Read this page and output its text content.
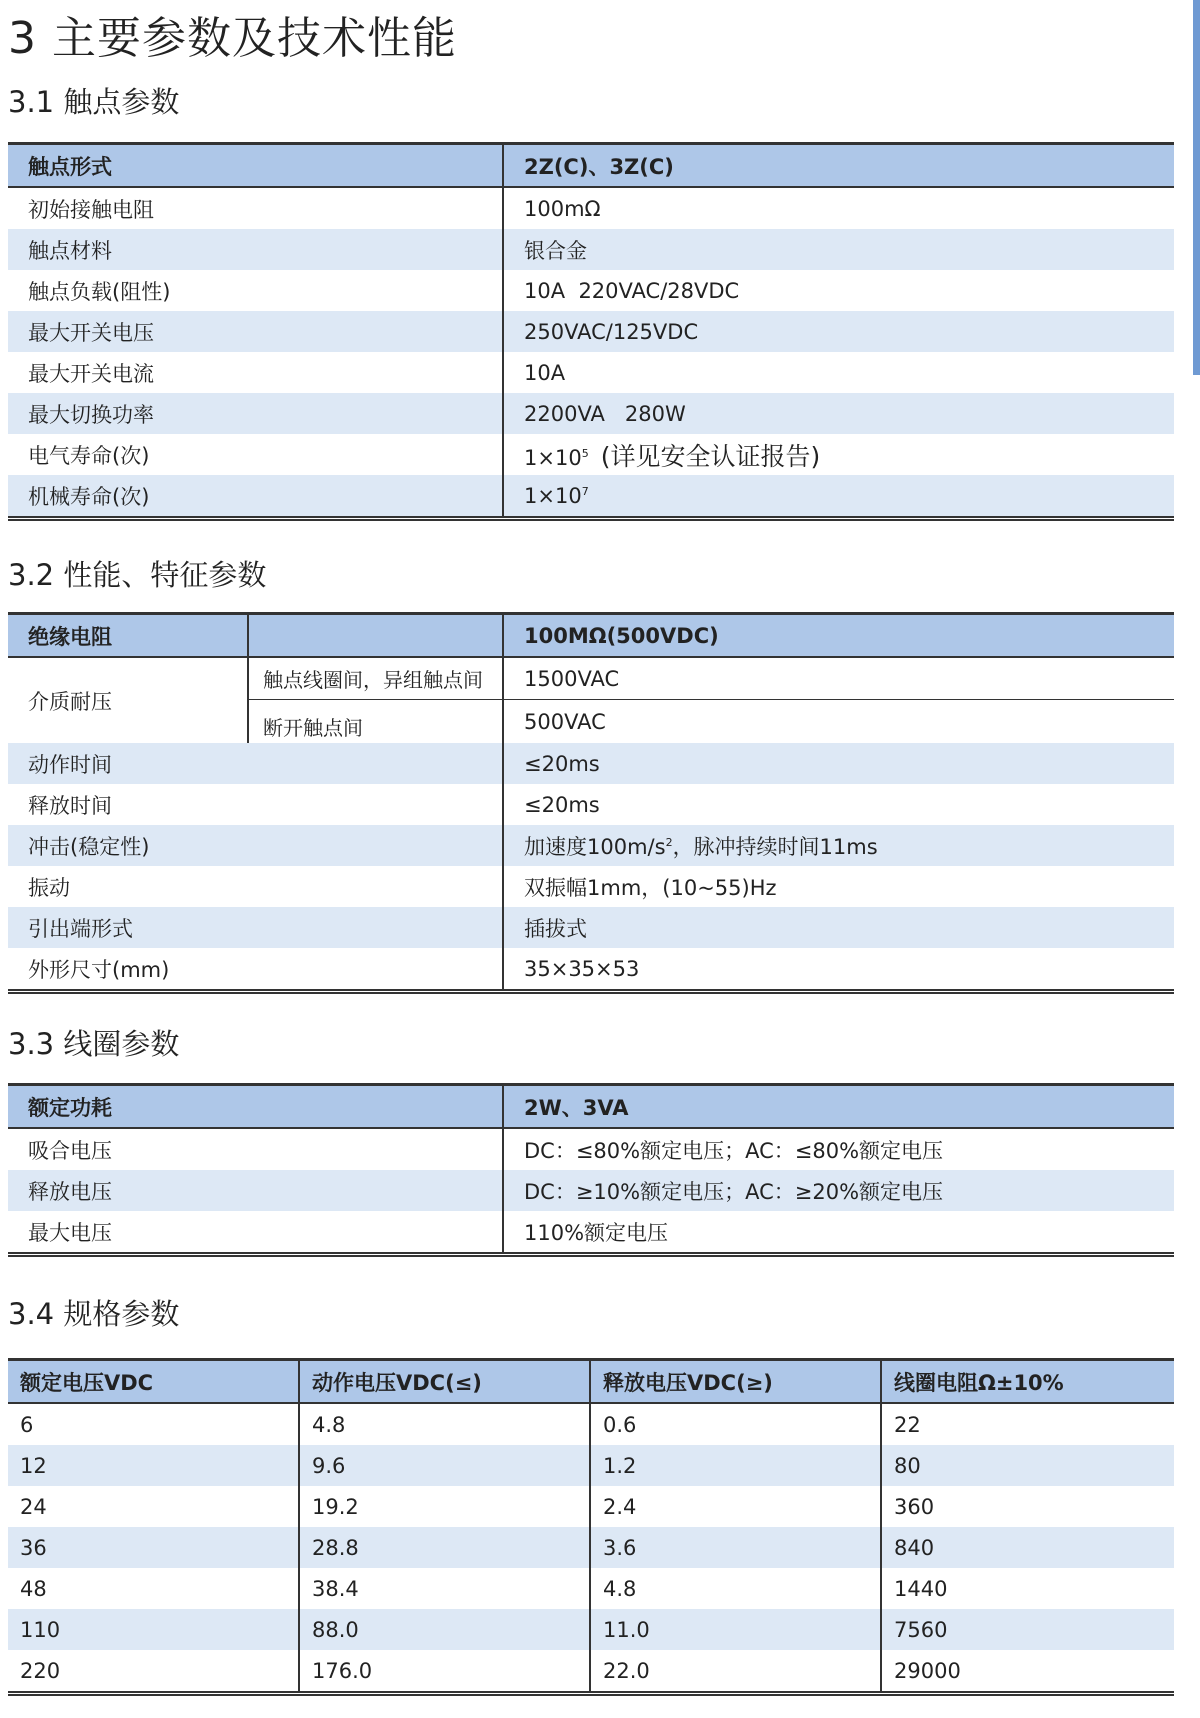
3 主要参数及技术性能
3.1 触点参数
触点形式	2Z(C)、3Z(C)
初始接触电阻	100mΩ
触点材料	银合金
触点负载(阻性)	10A  220VAC/28VDC
最大开关电压	250VAC/125VDC
最大开关电流	10A
最大切换功率	2200VA   280W
电气寿命(次)	$1\times 10^5$ (详见安全认证报告)
机械寿命(次)	$1\times 10^7$
3.2 性能、特征参数
绝缘电阻		100MΩ(500VDC)
介质耐压	触点线圈间，异组触点间	1500VAC
	断开触点间	500VAC
动作时间		≤20ms
释放时间		≤20ms
冲击(稳定性)		加速度$100m/s^2$，脉冲持续时间11ms
振动		双振幅1mm，(10~55)Hz
引出端形式		插拔式
外形尺寸(mm)		35×35×53
3.3 线圈参数
额定功耗	2W、3VA
吸合电压	DC：≤80%额定电压；AC：≤80%额定电压
释放电压	DC：≥10%额定电压；AC：≥20%额定电压
最大电压	110%额定电压
3.4 规格参数
额定电压VDC	动作电压VDC(≤)	释放电压VDC(≥)	线圈电阻Ω±10%
6	4.8	0.6	22
12	9.6	1.2	80
24	19.2	2.4	360
36	28.8	3.6	840
48	38.4	4.8	1440
110	88.0	11.0	7560
220	176.0	22.0	29000
